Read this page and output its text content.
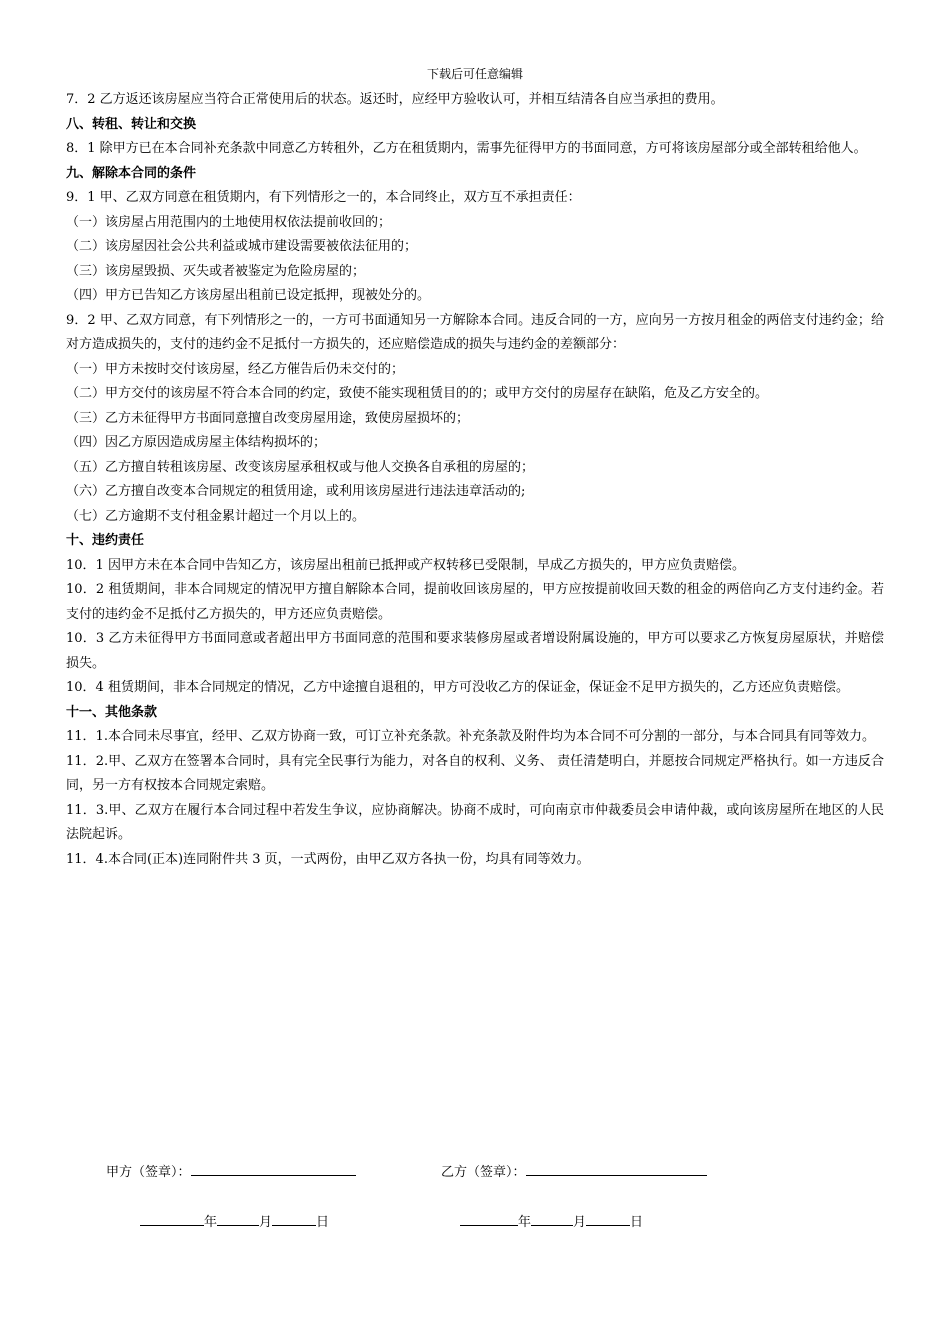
下载后可任意编辑

7．2 乙方返还该房屋应当符合正常使用后的状态。返还时，应经甲方验收认可，并相互结清各自应当承担的费用。

八、转租、转让和交换

8．1 除甲方已在本合同补充条款中同意乙方转租外，乙方在租赁期内，需事先征得甲方的书面同意，方可将该房屋部分或全部转租给他人。

九、解除本合同的条件

9．1 甲、乙双方同意在租赁期内，有下列情形之一的，本合同终止，双方互不承担责任：

（一）该房屋占用范围内的土地使用权依法提前收回的；

（二）该房屋因社会公共利益或城市建设需要被依法征用的；

（三）该房屋毁损、灭失或者被鉴定为危险房屋的；

（四）甲方已告知乙方该房屋出租前已设定抵押，现被处分的。

9．2 甲、乙双方同意，有下列情形之一的，一方可书面通知另一方解除本合同。违反合同的一方，应向另一方按月租金的两倍支付违约金；给对方造成损失的，支付的违约金不足抵付一方损失的，还应赔偿造成的损失与违约金的差额部分：

（一）甲方未按时交付该房屋，经乙方催告后仍未交付的；

（二）甲方交付的该房屋不符合本合同的约定，致使不能实现租赁目的的；或甲方交付的房屋存在缺陷，危及乙方安全的。

（三）乙方未征得甲方书面同意擅自改变房屋用途，致使房屋损坏的；

（四）因乙方原因造成房屋主体结构损坏的；

（五）乙方擅自转租该房屋、改变该房屋承租权或与他人交换各自承租的房屋的；

（六）乙方擅自改变本合同规定的租赁用途，或利用该房屋进行违法违章活动的;

（七）乙方逾期不支付租金累计超过一个月以上的。

十、违约责任

10．1 因甲方未在本合同中告知乙方，该房屋出租前已抵押或产权转移已受限制，早成乙方损失的，甲方应负责赔偿。

10．2 租赁期间，非本合同规定的情况甲方擅自解除本合同，提前收回该房屋的，甲方应按提前收回天数的租金的两倍向乙方支付违约金。若支付的违约金不足抵付乙方损失的，甲方还应负责赔偿。

10．3 乙方未征得甲方书面同意或者超出甲方书面同意的范围和要求装修房屋或者增设附属设施的，甲方可以要求乙方恢复房屋原状，并赔偿损失。

10．4 租赁期间，非本合同规定的情况，乙方中途擅自退租的，甲方可没收乙方的保证金，保证金不足甲方损失的，乙方还应负责赔偿。

十一、其他条款

11．1.本合同未尽事宜，经甲、乙双方协商一致，可订立补充条款。补充条款及附件均为本合同不可分割的一部分，与本合同具有同等效力。

11．2.甲、乙双方在签署本合同时，具有完全民事行为能力，对各自的权利、义务、 责任清楚明白，并愿按合同规定严格执行。如一方违反合同，另一方有权按本合同规定索赔。

11．3.甲、乙双方在履行本合同过程中若发生争议，应协商解决。协商不成时，可向南京市仲裁委员会申请仲裁，或向该房屋所在地区的人民法院起诉。

11．4.本合同(正本)连同附件共 3 页，一式两份，由甲乙双方各执一份，均具有同等效力。

甲方（签章）：	乙方（签章）：
年	月	日	年	月	日
